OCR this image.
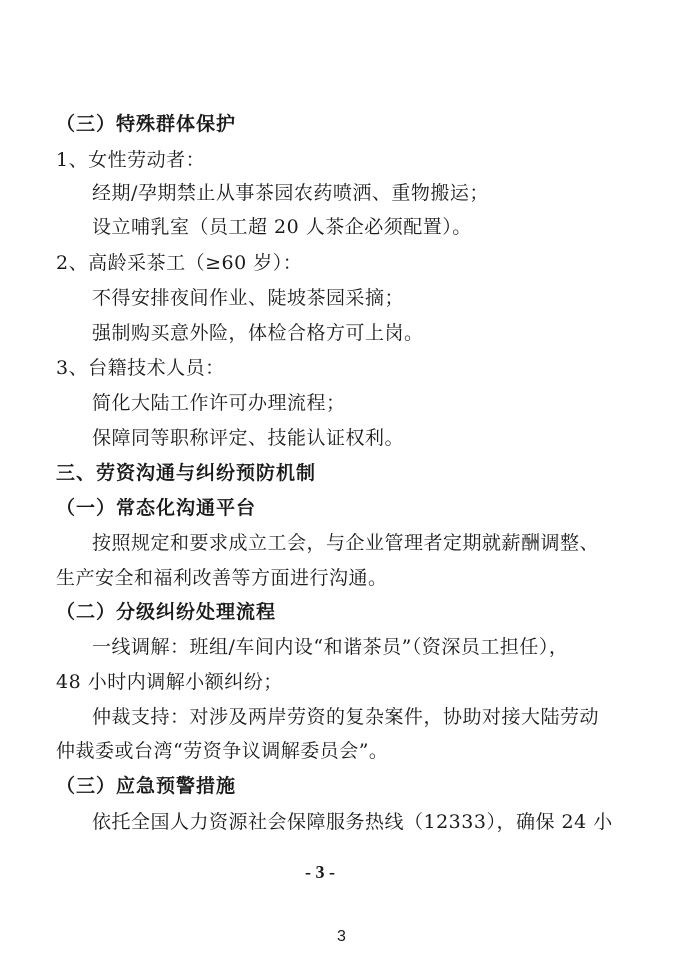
（三）特殊群体保护
1、女性劳动者：
经期/孕期禁止从事茶园农药喷洒、重物搬运；
设立哺乳室（员工超 20 人茶企必须配置）。
2、高龄采茶工（≥60 岁）：
不得安排夜间作业、陡坡茶园采摘；
强制购买意外险，体检合格方可上岗。
3、台籍技术人员：
简化大陆工作许可办理流程；
保障同等职称评定、技能认证权利。
三、劳资沟通与纠纷预防机制
（一）常态化沟通平台
按照规定和要求成立工会，与企业管理者定期就薪酬调整、
生产安全和福利改善等方面进行沟通。
（二）分级纠纷处理流程
一线调解：班组/车间内设“和谐茶员”（资深员工担任），
48 小时内调解小额纠纷；
仲裁支持：对涉及两岸劳资的复杂案件，协助对接大陆劳动
仲裁委或台湾“劳资争议调解委员会”。
（三）应急预警措施
依托全国人力资源社会保障服务热线（12333），确保 24 小
- 3 -
3
